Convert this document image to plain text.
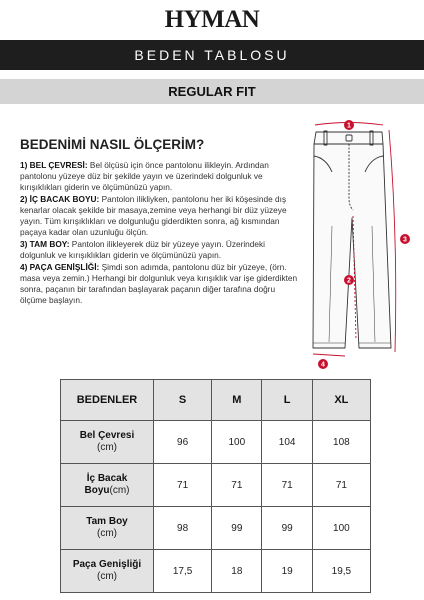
HYMAN
BEDEN TABLOSU
REGULAR FIT
BEDENİMİ NASIL ÖLÇERİM?

1) BEL ÇEVRESİ: Bel ölçüsü için önce pantolonu ilikleyin. Ardından pantolonu yüzeye düz bir şekilde yayın ve üzerindeki dolgunluk ve kırışıklıkları giderin ve ölçümünüzü yapın.

2) İÇ BACAK BOYU: Pantolon ilikliyken, pantolonu her iki köşesinde dış kenarlar olacak şekilde bir masaya,zemine veya herhangi bir düz yüzeye yayın. Tüm kırışıklıkları ve dolgunluğu giderdikten sonra, ağ kısmından paçaya kadar olan uzunluğu ölçün.

3) TAM BOY: Pantolon ilikleyerek düz bir yüzeye yayın. Üzerindeki dolgunluk ve kırışıklıkları giderin ve ölçümünüzü yapın.

4) PAÇA GENİŞLİĞİ: Şimdi son adımda, pantolonu düz bir yüzeye, (örn. masa veya zemin.) Herhangi bir dolgunluk veya kırışıklık var işe giderdikten sonra, paçanın bir tarafından başlayarak paçanın diğer tarafına doğru ölçüme başlayın.

1
2
3
4
BEDENLER	S	M	L	XL
Bel Çevresi
(cm)	96	100	104	108
İç Bacak
Boyu(cm)	71	71	71	71
Tam Boy
(cm)	98	99	99	100
Paça Genişliği
(cm)	17,5	18	19	19,5
